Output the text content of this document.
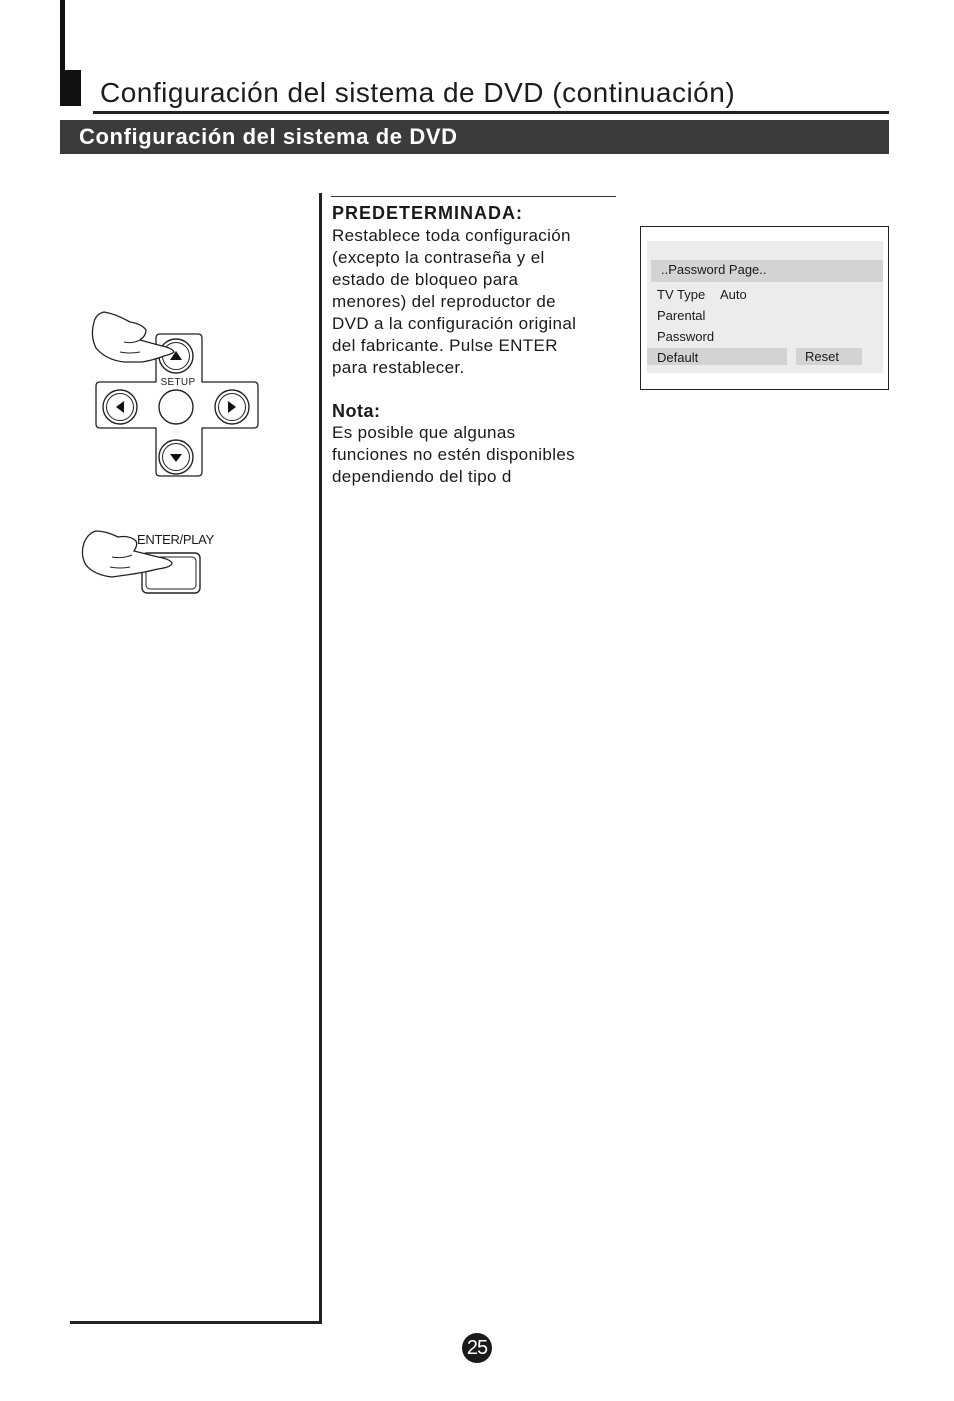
Configuración del sistema de DVD (continuación)
Configuración del sistema de DVD
SETUP
ENTER/PLAY
PREDETERMINADA:
Restablece toda configuración
(excepto la contraseña y el
estado de bloqueo para
menores) del reproductor de
DVD a la configuración original
del fabricante. Pulse ENTER
para restablecer.
Nota:
Es posible que algunas
funciones no estén disponibles
dependiendo del tipo d
..Password Page..
TV Type Auto
Parental
Password
Default	Reset
25
